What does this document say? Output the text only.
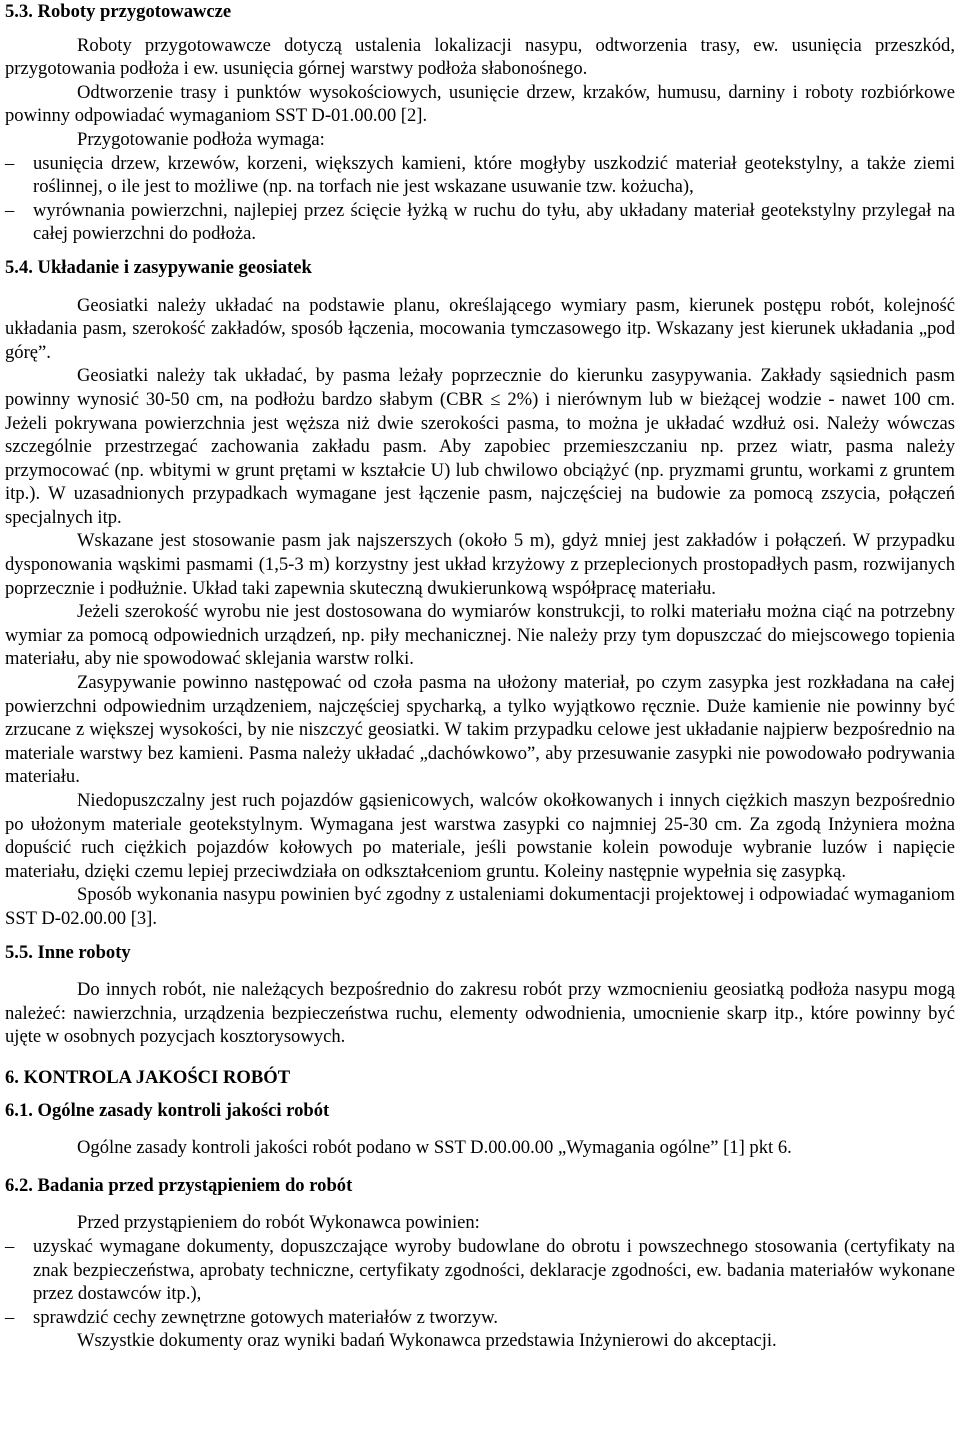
5.3. Roboty przygotowawcze

Roboty przygotowawcze dotyczą ustalenia lokalizacji nasypu, odtworzenia trasy, ew. usunięcia przeszkód, przygotowania podłoża i ew. usunięcia górnej warstwy podłoża słabonośnego.

Odtworzenie trasy i punktów wysokościowych, usunięcie drzew, krzaków, humusu, darniny i roboty rozbiórkowe powinny odpowiadać wymaganiom SST D-01.00.00 [2].

Przygotowanie podłoża wymaga:

– usunięcia drzew, krzewów, korzeni, większych kamieni, które mogłyby uszkodzić materiał geotekstylny, a także ziemi roślinnej, o ile jest to możliwe (np. na torfach nie jest wskazane usuwanie tzw. kożucha),
– wyrównania powierzchni, najlepiej przez ścięcie łyżką w ruchu do tyłu, aby układany materiał geotekstylny przylegał na całej powierzchni do podłoża.
5.4. Układanie i zasypywanie geosiatek

Geosiatki należy układać na podstawie planu, określającego wymiary pasm, kierunek postępu robót, kolejność układania pasm, szerokość zakładów, sposób łączenia, mocowania tymczasowego itp. Wskazany jest kierunek układania „pod górę”.

Geosiatki należy tak układać, by pasma leżały poprzecznie do kierunku zasypywania. Zakłady sąsiednich pasm powinny wynosić 30-50 cm, na podłożu bardzo słabym (CBR ≤ 2%) i nierównym lub w bieżącej wodzie - nawet 100 cm. Jeżeli pokrywana powierzchnia jest węższa niż dwie szerokości pasma, to można je układać wzdłuż osi. Należy wówczas szczególnie przestrzegać zachowania zakładu pasm. Aby zapobiec przemieszczaniu np. przez wiatr, pasma należy przymocować (np. wbitymi w grunt prętami w kształcie U) lub chwilowo obciążyć (np. pryzmami gruntu, workami z gruntem itp.). W uzasadnionych przypadkach wymagane jest łączenie pasm, najczęściej na budowie za pomocą zszycia, połączeń specjalnych itp.

Wskazane jest stosowanie pasm jak najszerszych (około 5 m), gdyż mniej jest zakładów i połączeń. W przypadku dysponowania wąskimi pasmami (1,5-3 m) korzystny jest układ krzyżowy z przeplecionych prostopadłych pasm, rozwijanych poprzecznie i podłużnie. Układ taki zapewnia skuteczną dwukierunkową współpracę materiału.

Jeżeli szerokość wyrobu nie jest dostosowana do wymiarów konstrukcji, to rolki materiału można ciąć na potrzebny wymiar za pomocą odpowiednich urządzeń, np. piły mechanicznej. Nie należy przy tym dopuszczać do miejscowego topienia materiału, aby nie spowodować sklejania warstw rolki.

Zasypywanie powinno następować od czoła pasma na ułożony materiał, po czym zasypka jest rozkładana na całej powierzchni odpowiednim urządzeniem, najczęściej spycharką, a tylko wyjątkowo ręcznie. Duże kamienie nie powinny być zrzucane z większej wysokości, by nie niszczyć geosiatki. W takim przypadku celowe jest układanie najpierw bezpośrednio na materiale warstwy bez kamieni. Pasma należy układać „dachówkowo”, aby przesuwanie zasypki nie powodowało podrywania materiału.

Niedopuszczalny jest ruch pojazdów gąsienicowych, walców okołkowanych i innych ciężkich maszyn bezpośrednio po ułożonym materiale geotekstylnym. Wymagana jest warstwa zasypki co najmniej 25-30 cm. Za zgodą Inżyniera można dopuścić ruch ciężkich pojazdów kołowych po materiale, jeśli powstanie kolein powoduje wybranie luzów i napięcie materiału, dzięki czemu lepiej przeciwdziała on odkształceniom gruntu. Koleiny następnie wypełnia się zasypką.

Sposób wykonania nasypu powinien być zgodny z ustaleniami dokumentacji projektowej i odpowiadać wymaganiom SST D-02.00.00 [3].

5.5. Inne roboty

Do innych robót, nie należących bezpośrednio do zakresu robót przy wzmocnieniu geosiatką podłoża nasypu mogą należeć: nawierzchnia, urządzenia bezpieczeństwa ruchu, elementy odwodnienia, umocnienie skarp itp., które powinny być ujęte w osobnych pozycjach kosztorysowych.

6. KONTROLA JAKOŚCI ROBÓT
6.1. Ogólne zasady kontroli jakości robót

Ogólne zasady kontroli jakości robót podano w SST D.00.00.00 „Wymagania ogólne” [1] pkt 6.

6.2. Badania przed przystąpieniem do robót

Przed przystąpieniem do robót Wykonawca powinien:

– uzyskać wymagane dokumenty, dopuszczające wyroby budowlane do obrotu i powszechnego stosowania (certyfikaty na znak bezpieczeństwa, aprobaty techniczne, certyfikaty zgodności, deklaracje zgodności, ew. badania materiałów wykonane przez dostawców itp.),
– sprawdzić cechy zewnętrzne gotowych materiałów z tworzyw.

Wszystkie dokumenty oraz wyniki badań Wykonawca przedstawia Inżynierowi do akceptacji.
